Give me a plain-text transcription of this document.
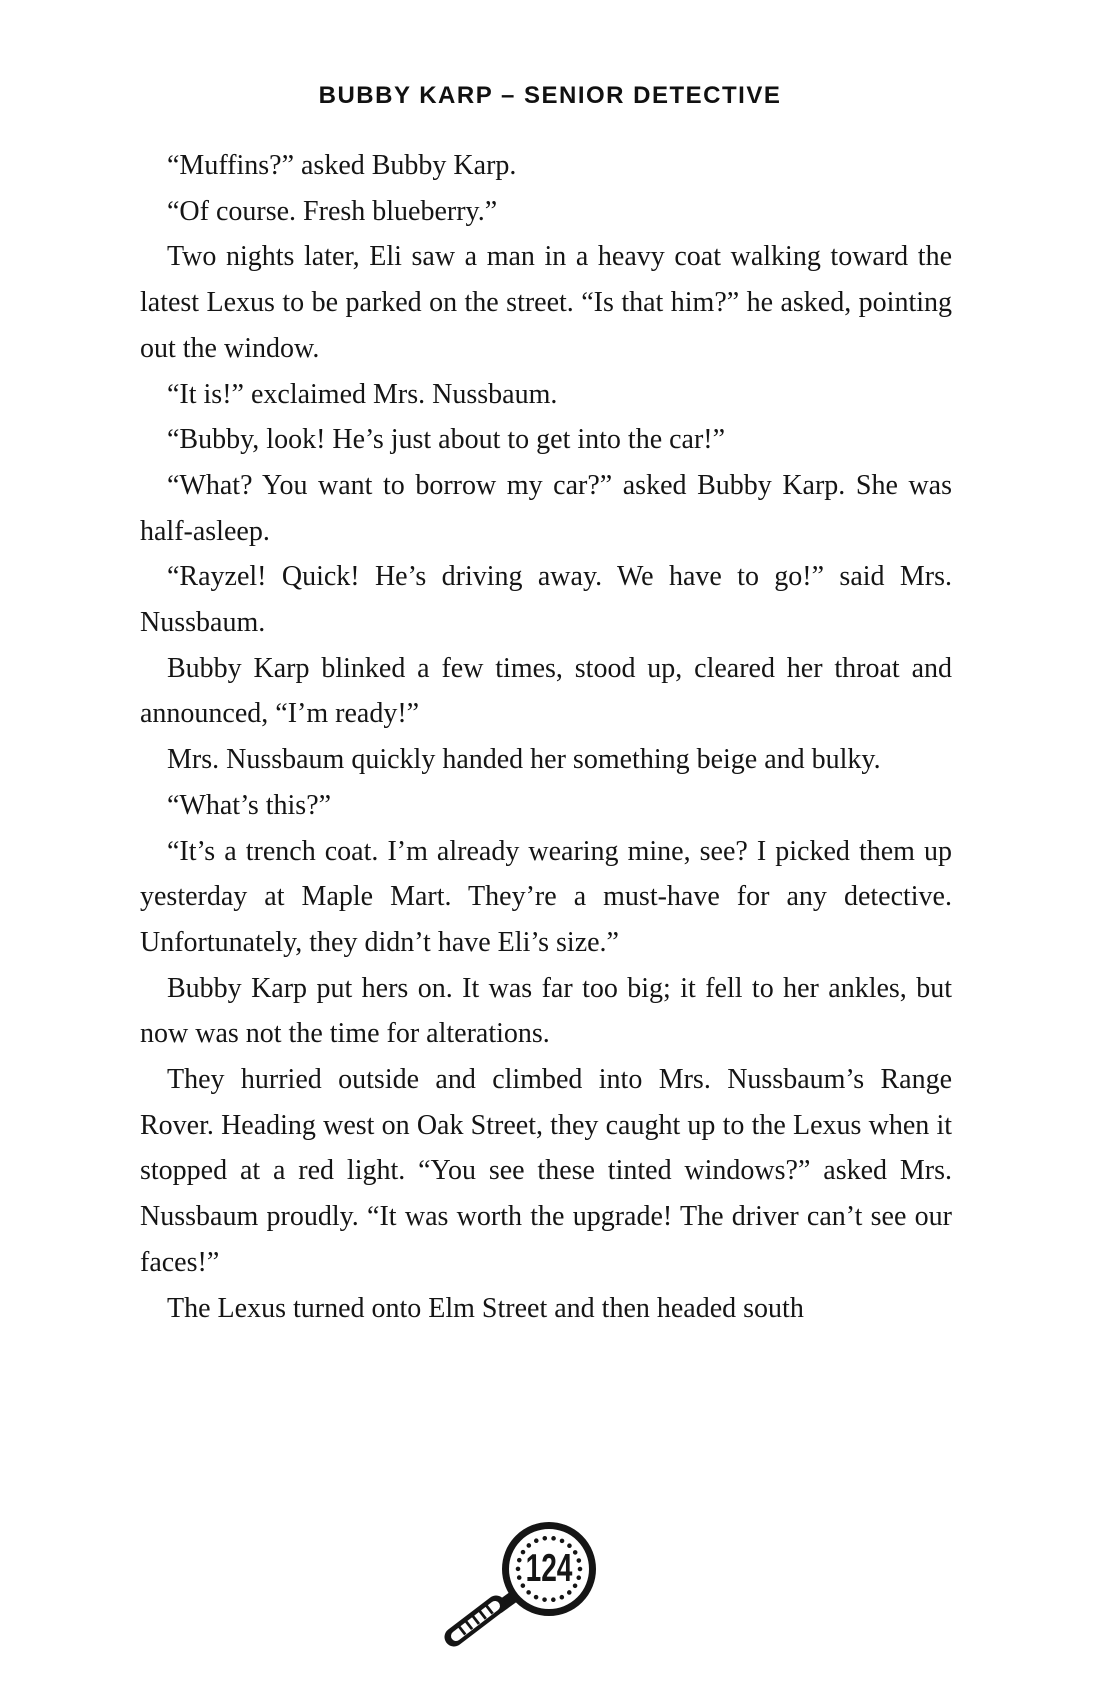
BUBBY KARP – SENIOR DETECTIVE

“Muffins?” asked Bubby Karp.

“Of course. Fresh blueberry.”

Two nights later, Eli saw a man in a heavy coat walking toward the latest Lexus to be parked on the street. “Is that him?” he asked, pointing out the window.

“It is!” exclaimed Mrs. Nussbaum.

“Bubby, look! He’s just about to get into the car!”

“What? You want to borrow my car?” asked Bubby Karp. She was half-asleep.

“Rayzel! Quick! He’s driving away. We have to go!” said Mrs. Nussbaum.

Bubby Karp blinked a few times, stood up, cleared her throat and announced, “I’m ready!”

Mrs. Nussbaum quickly handed her something beige and bulky.

“What’s this?”

“It’s a trench coat. I’m already wearing mine, see? I picked them up yesterday at Maple Mart. They’re a must-have for any detective. Unfortunately, they didn’t have Eli’s size.”

Bubby Karp put hers on. It was far too big; it fell to her ankles, but now was not the time for alterations.

They hurried outside and climbed into Mrs. Nussbaum’s Range Rover. Heading west on Oak Street, they caught up to the Lexus when it stopped at a red light. “You see these tinted windows?” asked Mrs. Nussbaum proudly. “It was worth the upgrade! The driver can’t see our faces!”

The Lexus turned onto Elm Street and then headed south

124
